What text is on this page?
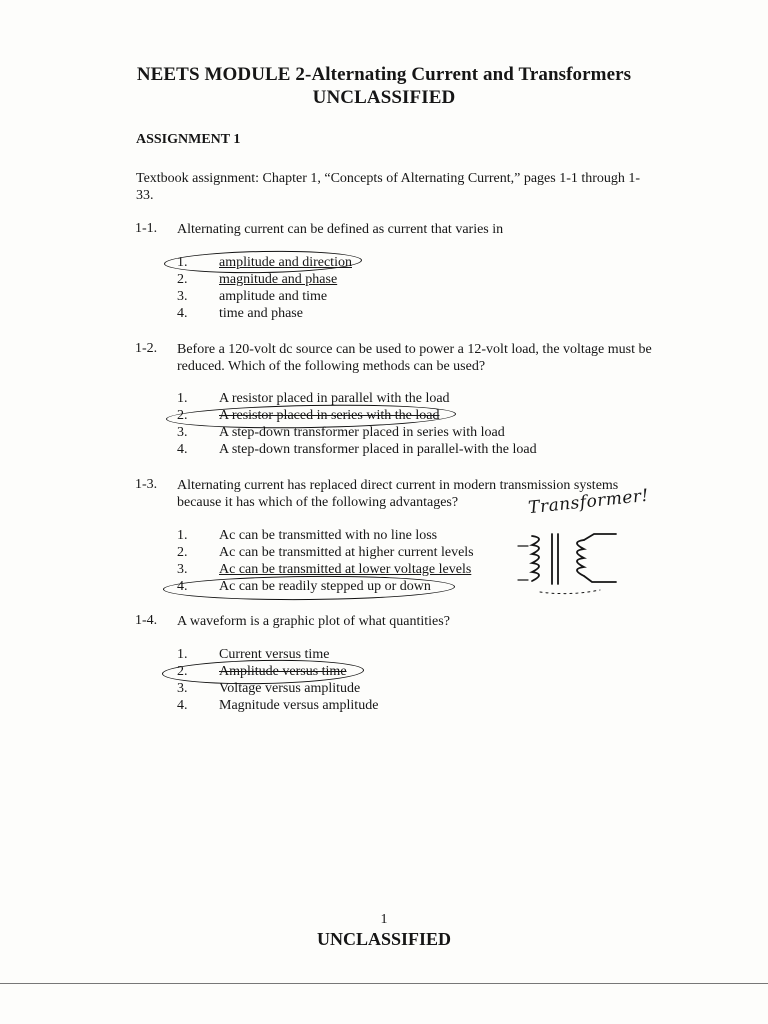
NEETS MODULE 2-Alternating Current and Transformers
UNCLASSIFIED
ASSIGNMENT 1
Textbook assignment: Chapter 1, “Concepts of Alternating Current,” pages 1-1 through 1-33.
1-1. Alternating current can be defined as current that varies in
1. amplitude and direction
2. magnitude and phase
3. amplitude and time
4. time and phase
1-2. Before a 120-volt dc source can be used to power a 12-volt load, the voltage must be reduced. Which of the following methods can be used?
1. A resistor placed in parallel with the load
2. A resistor placed in series with the load
3. A step-down transformer placed in series with load
4. A step-down transformer placed in parallel-with the load
1-3. Alternating current has replaced direct current in modern transmission systems because it has which of the following advantages?
1. Ac can be transmitted with no line loss
2. Ac can be transmitted at higher current levels
3. Ac can be transmitted at lower voltage levels
4. Ac can be readily stepped up or down
Transformer!
1-4. A waveform is a graphic plot of what quantities?
1. Current versus time
2. Amplitude versus time
3. Voltage versus amplitude
4. Magnitude versus amplitude
1
UNCLASSIFIED
